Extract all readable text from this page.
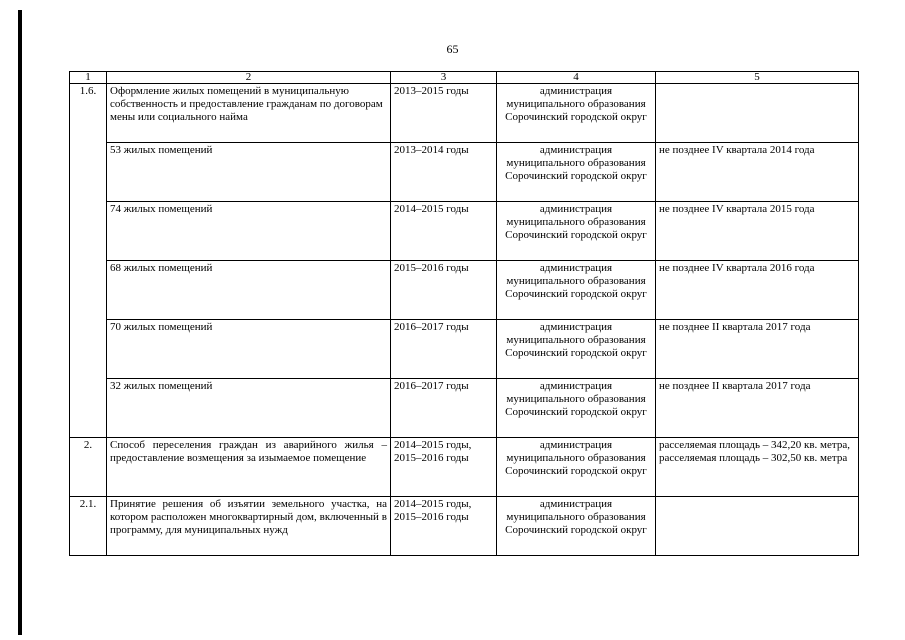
65
1	2	3	4	5
1.6.	Оформление жилых помещений в муниципальную собственность и предоставление гражданам по договорам мены или социального найма	2013–2015 годы	администрация муниципального образования Сорочинский городской округ	
	53 жилых помещений	2013–2014 годы	администрация муниципального образования Сорочинский городской округ	не позднее IV квартала 2014 года
	74 жилых помещений	2014–2015 годы	администрация муниципального образования Сорочинский городской округ	не позднее IV квартала 2015 года
	68 жилых помещений	2015–2016 годы	администрация муниципального образования Сорочинский городской округ	не позднее IV квартала 2016 года
	70 жилых помещений	2016–2017 годы	администрация муниципального образования Сорочинский городской округ	не позднее II квартала 2017 года
	32 жилых помещений	2016–2017 годы	администрация муниципального образования Сорочинский городской округ	не позднее II квартала 2017 года
2.	Способ переселения граждан из аварийного жилья – предоставление возмещения за изымаемое помещение	2014–2015 годы, 2015–2016 годы	администрация муниципального образования Сорочинский городской округ	расселяемая площадь – 342,20 кв. метра, расселяемая площадь – 302,50 кв. метра
2.1.	Принятие решения об изъятии земельного участка, на котором расположен многоквартирный дом, включенный в программу, для муниципальных нужд	2014–2015 годы, 2015–2016 годы	администрация муниципального образования Сорочинский городской округ	
